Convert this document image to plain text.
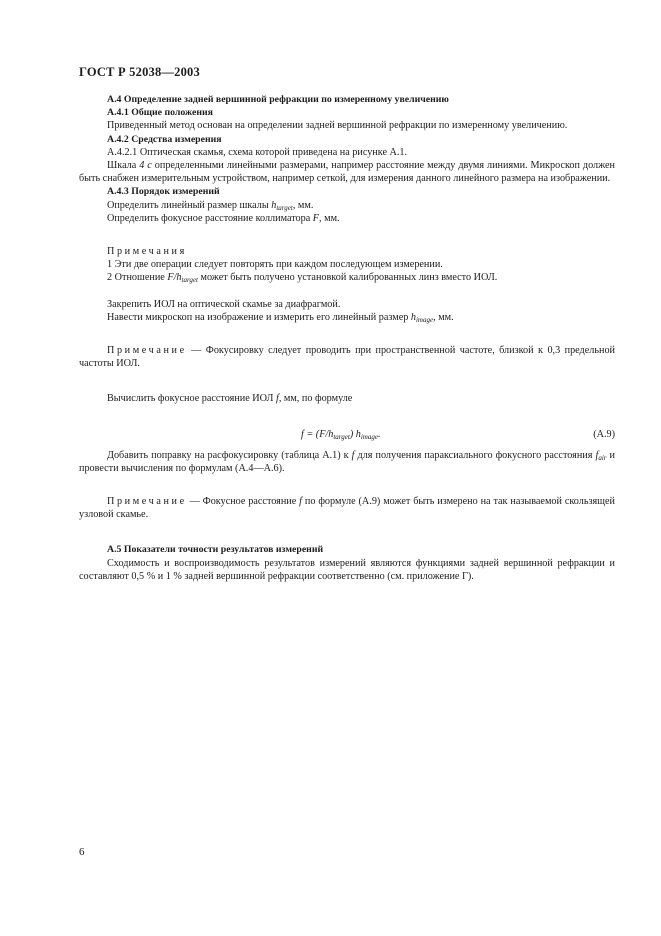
ГОСТ Р 52038—2003

А.4 Определение задней вершинной рефракции по измеренному увеличению

А.4.1 Общие положения

Приведенный метод основан на определении задней вершинной рефракции по измеренному увеличению.

А.4.2 Средства измерения

А.4.2.1 Оптическая скамья, схема которой приведена на рисунке А.1.

Шкала 4 с определенными линейными размерами, например расстояние между двумя линиями. Микроскоп должен быть снабжен измерительным устройством, например сеткой, для измерения данного линейного размера на изображении.

А.4.3 Порядок измерений

Определить линейный размер шкалы $h_{target}$, мм.

Определить фокусное расстояние коллиматора F, мм.

Примечания

1 Эти две операции следует повторять при каждом последующем измерении.

2 Отношение $F/h_{target}$ может быть получено установкой калиброванных линз вместо ИОЛ.

Закрепить ИОЛ на оптической скамье за диафрагмой.

Навести микроскоп на изображение и измерить его линейный размер $h_{image}$, мм.

Примечание — Фокусировку следует проводить при пространственной частоте, близкой к 0,3 предельной частоты ИОЛ.

Вычислить фокусное расстояние ИОЛ f, мм, по формуле

$f = (F/h_{target})$ $h_{image}$.	(А.9)

Добавить поправку на расфокусировку (таблица А.1) к f для получения параксиального фокусного расстояния $f_{air}$ и провести вычисления по формулам (А.4—А.6).

Примечание — Фокусное расстояние f по формуле (А.9) может быть измерено на так называемой скользящей узловой скамье.

А.5 Показатели точности результатов измерений

Сходимость и воспроизводимость результатов измерений являются функциями задней вершинной рефракции и составляют 0,5 % и 1 % задней вершинной рефракции соответственно (см. приложение Г).

6
